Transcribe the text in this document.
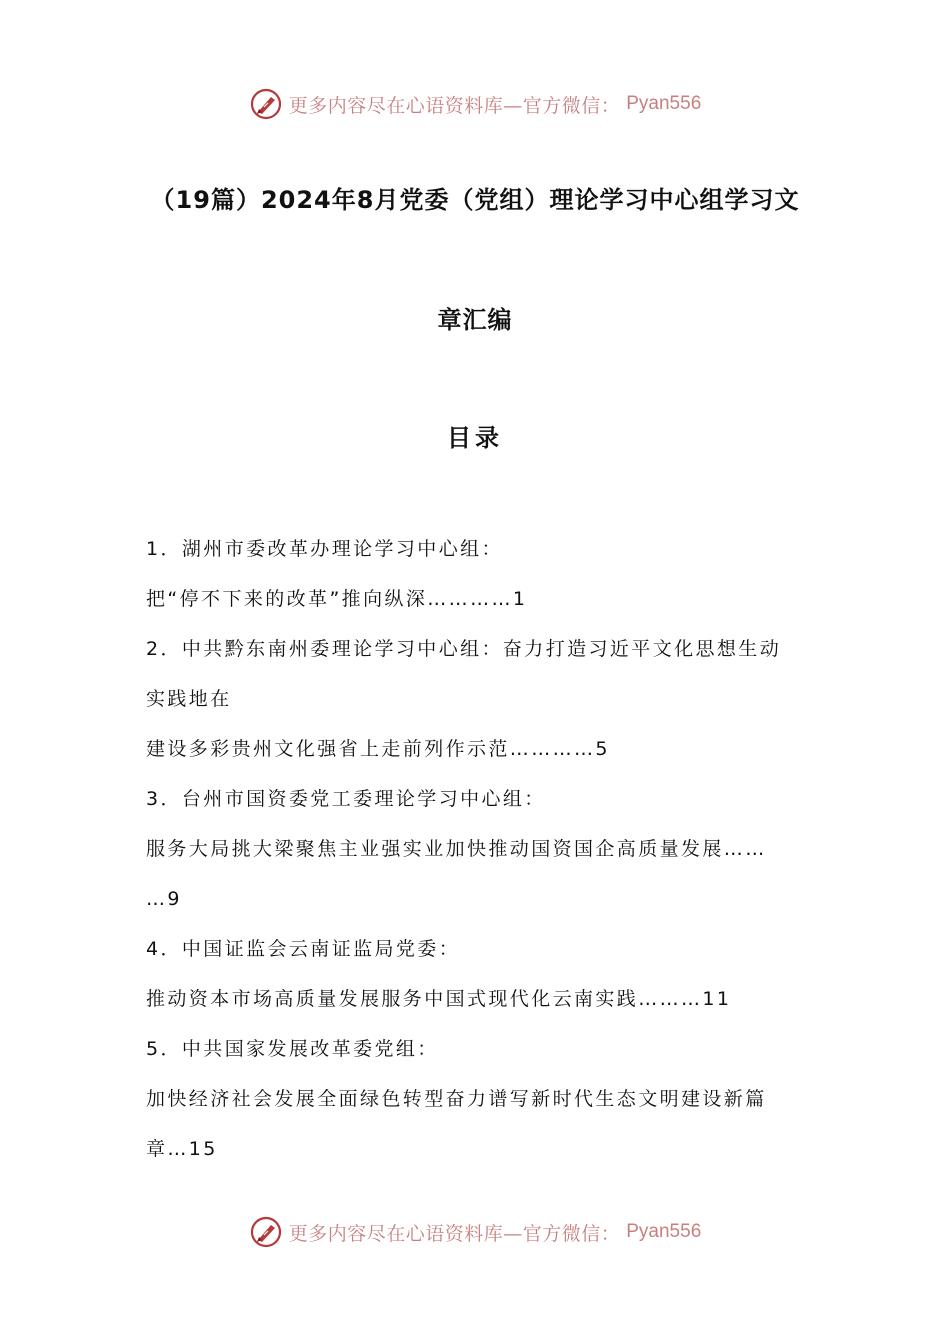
更多内容尽在心语资料库—官方微信： Pyan556
（19篇）2024年8月党委（党组）理论学习中心组学习文
章汇编
目录
1．湖州市委改革办理论学习中心组：
把“停不下来的改革”推向纵深…………1
2．中共黔东南州委理论学习中心组：奋力打造习近平文化思想生动
实践地在
建设多彩贵州文化强省上走前列作示范…………5
3．台州市国资委党工委理论学习中心组：
服务大局挑大梁聚焦主业强实业加快推动国资国企高质量发展……
…9
4．中国证监会云南证监局党委：
推动资本市场高质量发展服务中国式现代化云南实践………11
5．中共国家发展改革委党组：
加快经济社会发展全面绿色转型奋力谱写新时代生态文明建设新篇
章…15
更多内容尽在心语资料库—官方微信： Pyan556
